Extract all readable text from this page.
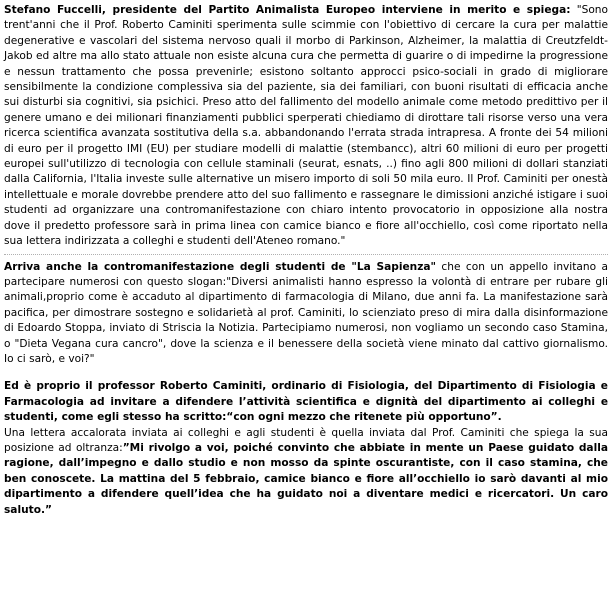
Stefano Fuccelli, presidente del Partito Animalista Europeo interviene in merito e spiega: "Sono trent'anni che il Prof. Roberto Caminiti sperimenta sulle scimmie con l'obiettivo di cercare la cura per malattie degenerative e vascolari del sistema nervoso quali il morbo di Parkinson, Alzheimer, la malattia di Creutzfeldt-Jakob ed altre ma allo stato attuale non esiste alcuna cura che permetta di guarire o di impedirne la progressione e nessun trattamento che possa prevenirle; esistono soltanto approcci psico-sociali in grado di migliorare sensibilmente la condizione complessiva sia del paziente, sia dei familiari, con buoni risultati di efficacia anche sui disturbi sia cognitivi, sia psichici. Preso atto del fallimento del modello animale come metodo predittivo per il genere umano e dei milionari finanziamenti pubblici sperperati chiediamo di dirottare tali risorse verso una vera ricerca scientifica avanzata sostitutiva della s.a. abbandonando l'errata strada intrapresa. A fronte dei 54 milioni di euro per il progetto IMI (EU) per studiare modelli di malattie (stembancc), altri 60 milioni di euro per progetti europei sull'utilizzo di tecnologia con cellule staminali (seurat, esnats, ..) fino agli 800 milioni di dollari stanziati dalla California, l'Italia investe sulle alternative un misero importo di soli 50 mila euro. Il Prof. Caminiti per onestà intellettuale e morale dovrebbe prendere atto del suo fallimento e rassegnare le dimissioni anziché istigare i suoi studenti ad organizzare una contromanifestazione con chiaro intento provocatorio in opposizione alla nostra dove il predetto professore sarà in prima linea con camice bianco e fiore all'occhiello, così come riportato nella sua lettera indirizzata a colleghi e studenti dell'Ateneo romano."

Arriva anche la contromanifestazione degli studenti de "La Sapienza" che con un appello invitano a partecipare numerosi con questo slogan:"Diversi animalisti hanno espresso la volontà di entrare per rubare gli animali,proprio come è accaduto al dipartimento di farmacologia di Milano, due anni fa. La manifestazione sarà pacifica, per dimostrare sostegno e solidarietà al prof. Caminiti, lo scienziato preso di mira dalla disinformazione di Edoardo Stoppa, inviato di Striscia la Notizia. Partecipiamo numerosi, non vogliamo un secondo caso Stamina, o "Dieta Vegana cura cancro", dove la scienza e il benessere della società viene minato dal cattivo giornalismo. Io ci sarò, e voi?"

Ed è proprio il professor Roberto Caminiti, ordinario di Fisiologia, del Dipartimento di Fisiologia e Farmacologia ad invitare a difendere l’attività scientifica e dignità del dipartimento ai colleghi e studenti, come egli stesso ha scritto:“con ogni mezzo che ritenete più opportuno”.
Una lettera accalorata inviata ai colleghi e agli studenti è quella inviata dal Prof. Caminiti che spiega la sua posizione ad oltranza:”Mi rivolgo a voi, poiché convinto che abbiate in mente un Paese guidato dalla ragione, dall’impegno e dallo studio e non mosso da spinte oscurantiste, con il caso stamina, che ben conoscete. La mattina del 5 febbraio, camice bianco e fiore all’occhiello io sarò davanti al mio dipartimento a difendere quell’idea che ha guidato noi a diventare medici e ricercatori. Un caro saluto.”
